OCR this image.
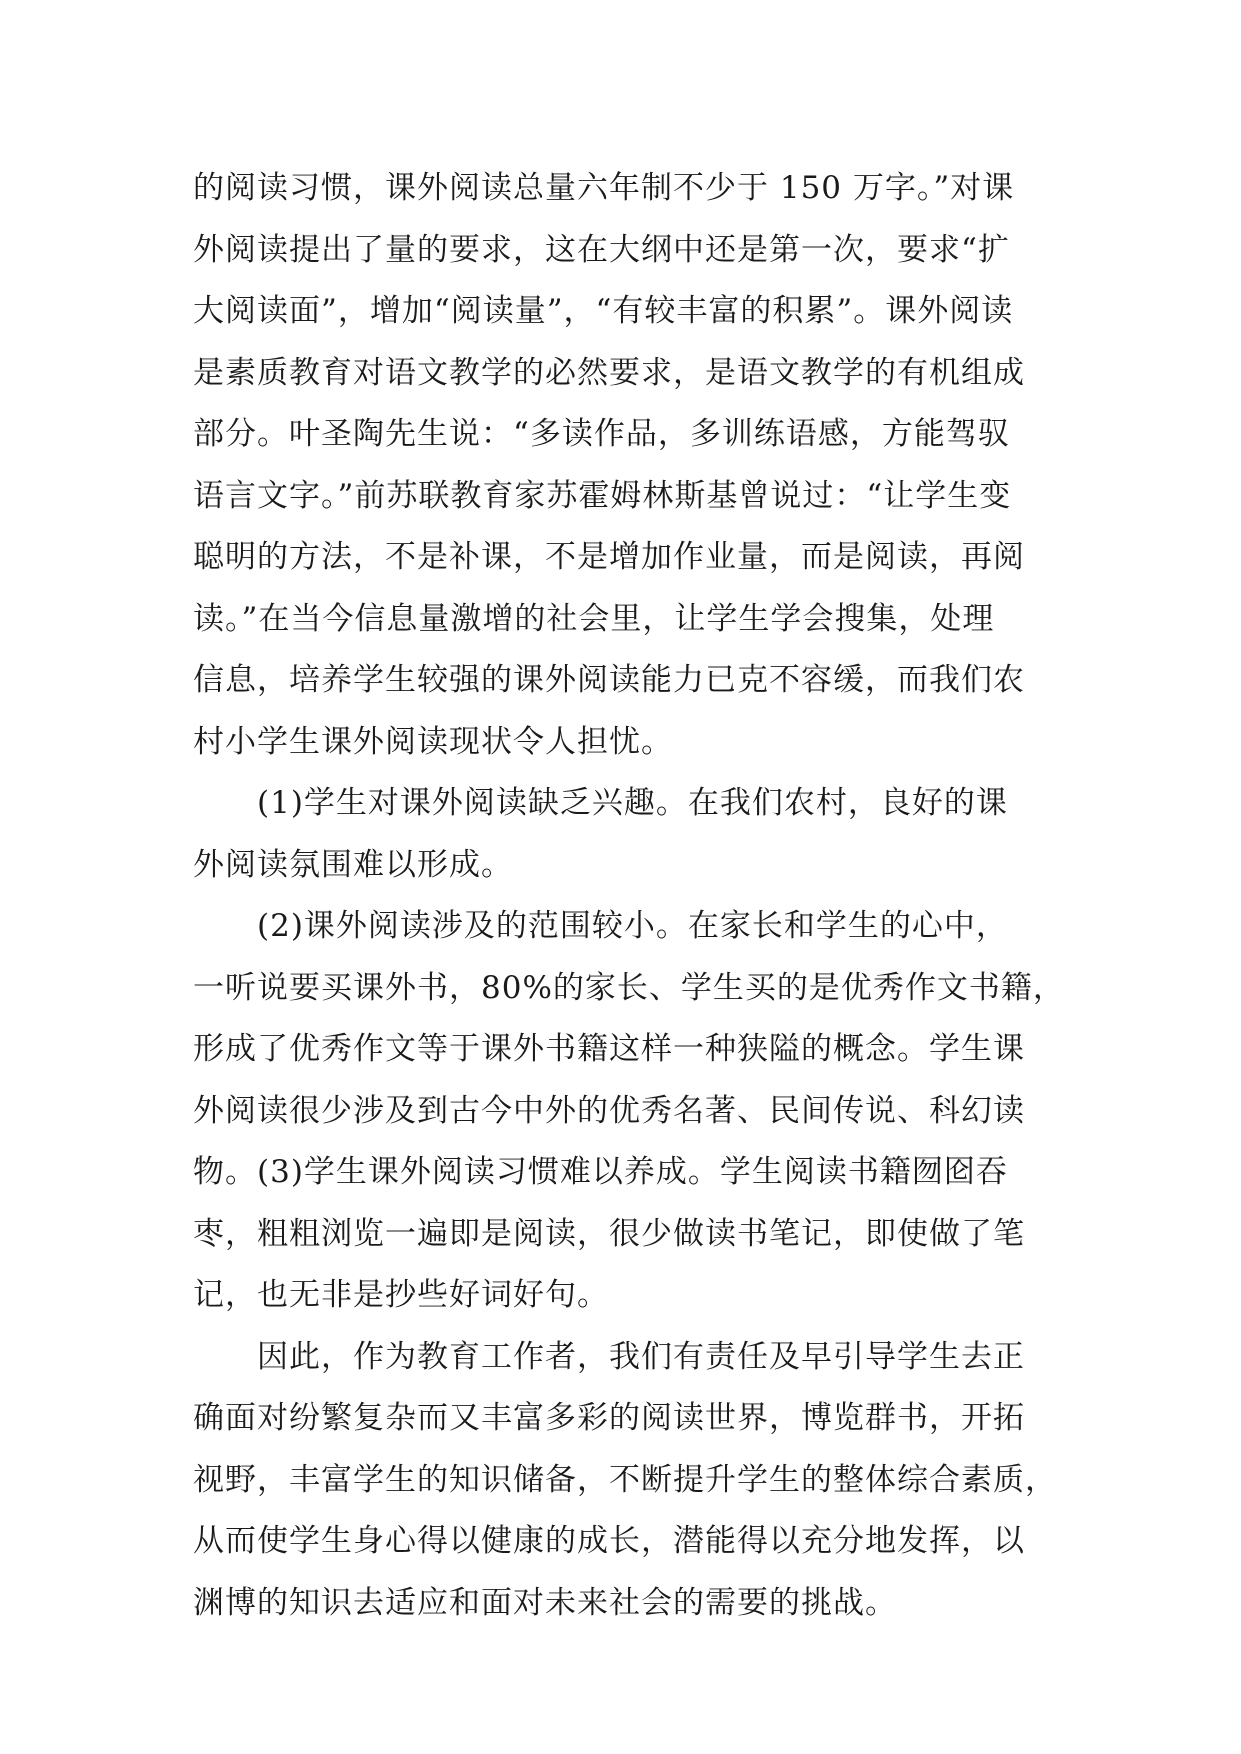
的阅读习惯，课外阅读总量六年制不少于 150 万字。”对课
外阅读提出了量的要求，这在大纲中还是第一次，要求“扩
大阅读面”，增加“阅读量”，“有较丰富的积累”。课外阅读
是素质教育对语文教学的必然要求，是语文教学的有机组成
部分。叶圣陶先生说：“多读作品，多训练语感，方能驾驭
语言文字。”前苏联教育家苏霍姆林斯基曾说过：“让学生变
聪明的方法，不是补课，不是增加作业量，而是阅读，再阅
读。”在当今信息量激增的社会里，让学生学会搜集，处理
信息，培养学生较强的课外阅读能力已克不容缓，而我们农
村小学生课外阅读现状令人担忧。
　　(1)学生对课外阅读缺乏兴趣。在我们农村，良好的课
外阅读氛围难以形成。
　　(2)课外阅读涉及的范围较小。在家长和学生的心中，
一听说要买课外书，80%的家长、学生买的是优秀作文书籍，
形成了优秀作文等于课外书籍这样一种狭隘的概念。学生课
外阅读很少涉及到古今中外的优秀名著、民间传说、科幻读
物。(3)学生课外阅读习惯难以养成。学生阅读书籍囫囵吞
枣，粗粗浏览一遍即是阅读，很少做读书笔记，即使做了笔
记，也无非是抄些好词好句。
　　因此，作为教育工作者，我们有责任及早引导学生去正
确面对纷繁复杂而又丰富多彩的阅读世界，博览群书，开拓
视野，丰富学生的知识储备，不断提升学生的整体综合素质，
从而使学生身心得以健康的成长，潜能得以充分地发挥，以
渊博的知识去适应和面对未来社会的需要的挑战。
